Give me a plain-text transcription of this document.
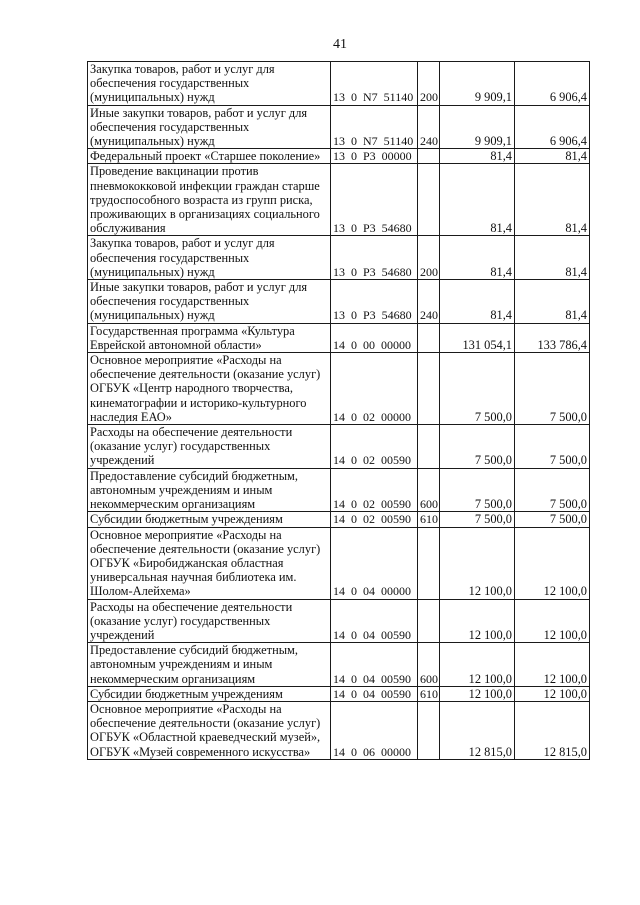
41
Закупка товаров, работ и услуг для обеспечения государственных (муниципальных) нужд	13  0  N7  51140	200	9 909,1	6 906,4
Иные закупки товаров, работ и услуг для обеспечения государственных (муниципальных) нужд	13  0  N7  51140	240	9 909,1	6 906,4
Федеральный проект «Старшее поколение»	13  0  P3  00000		81,4	81,4
Проведение вакцинации против пневмококковой инфекции граждан старше трудоспособного возраста из групп риска, проживающих в организациях социального обслуживания	13  0  P3  54680		81,4	81,4
Закупка товаров, работ и услуг для обеспечения государственных (муниципальных) нужд	13  0  P3  54680	200	81,4	81,4
Иные закупки товаров, работ и услуг для обеспечения государственных (муниципальных) нужд	13  0  P3  54680	240	81,4	81,4
Государственная программа «Культура Еврейской автономной области»	14  0  00  00000		131 054,1	133 786,4
Основное мероприятие «Расходы на обеспечение деятельности (оказание услуг) ОГБУК «Центр народного творчества, кинематографии и историко-культурного наследия ЕАО»	14  0  02  00000		7 500,0	7 500,0
Расходы на обеспечение деятельности (оказание услуг) государственных учреждений	14  0  02  00590		7 500,0	7 500,0
Предоставление субсидий бюджетным, автономным учреждениям и иным некоммерческим организациям	14  0  02  00590	600	7 500,0	7 500,0
Субсидии бюджетным учреждениям	14  0  02  00590	610	7 500,0	7 500,0
Основное мероприятие «Расходы на обеспечение деятельности (оказание услуг) ОГБУК «Биробиджанская областная универсальная научная библиотека им. Шолом-Алейхема»	14  0  04  00000		12 100,0	12 100,0
Расходы на обеспечение деятельности (оказание услуг) государственных учреждений	14  0  04  00590		12 100,0	12 100,0
Предоставление субсидий бюджетным, автономным учреждениям и иным некоммерческим организациям	14  0  04  00590	600	12 100,0	12 100,0
Субсидии бюджетным учреждениям	14  0  04  00590	610	12 100,0	12 100,0
Основное мероприятие «Расходы на обеспечение деятельности (оказание услуг) ОГБУК «Областной краеведческий музей», ОГБУК «Музей современного искусства»	14  0  06  00000		12 815,0	12 815,0
